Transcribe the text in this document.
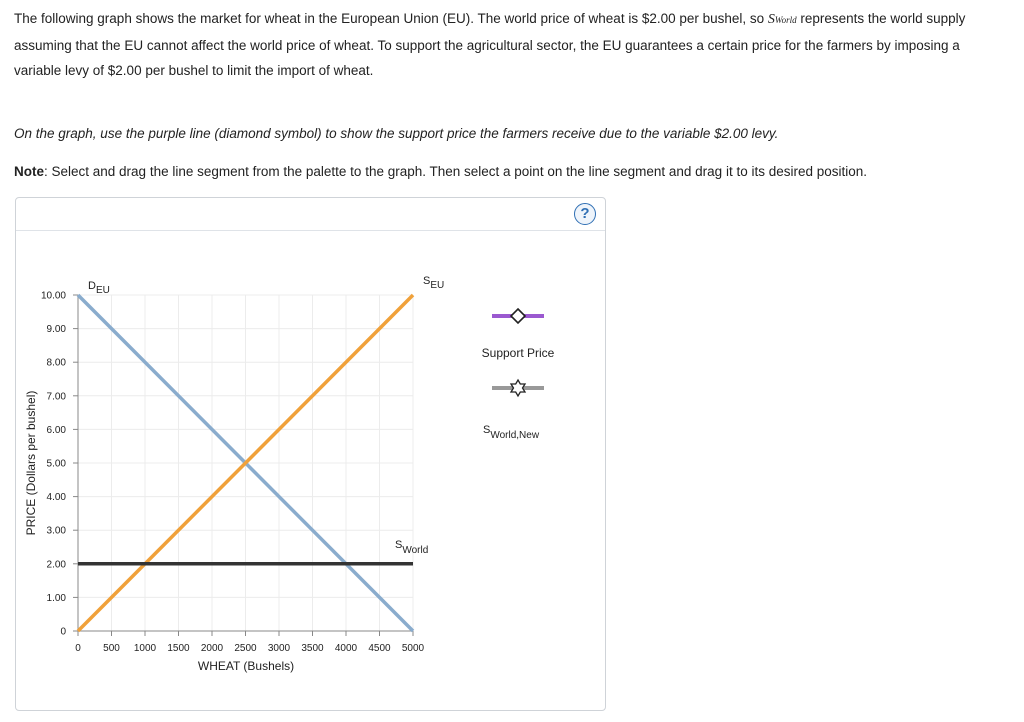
The following graph shows the market for wheat in the European Union (EU). The world price of wheat is $2.00 per bushel, so SWorld represents the world supply assuming that the EU cannot affect the world price of wheat. To support the agricultural sector, the EU guarantees a certain price for the farmers by imposing a variable levy of $2.00 per bushel to limit the import of wheat.
On the graph, use the purple line (diamond symbol) to show the support price the farmers receive due to the variable $2.00 levy.
Note: Select and drag the line segment from the palette to the graph. Then select a point on the line segment and drag it to its desired position.
?
0
1.00
2.00
3.00
4.00
5.00
6.00
7.00
8.00
9.00
10.00
0 500 1000 1500 2000 2500 3000 3500 4000 4500 5000
WHEAT (Bushels)
PRICE (Dollars per bushel)
DEU
SEU
SWorld
Support Price
SWorld,New
